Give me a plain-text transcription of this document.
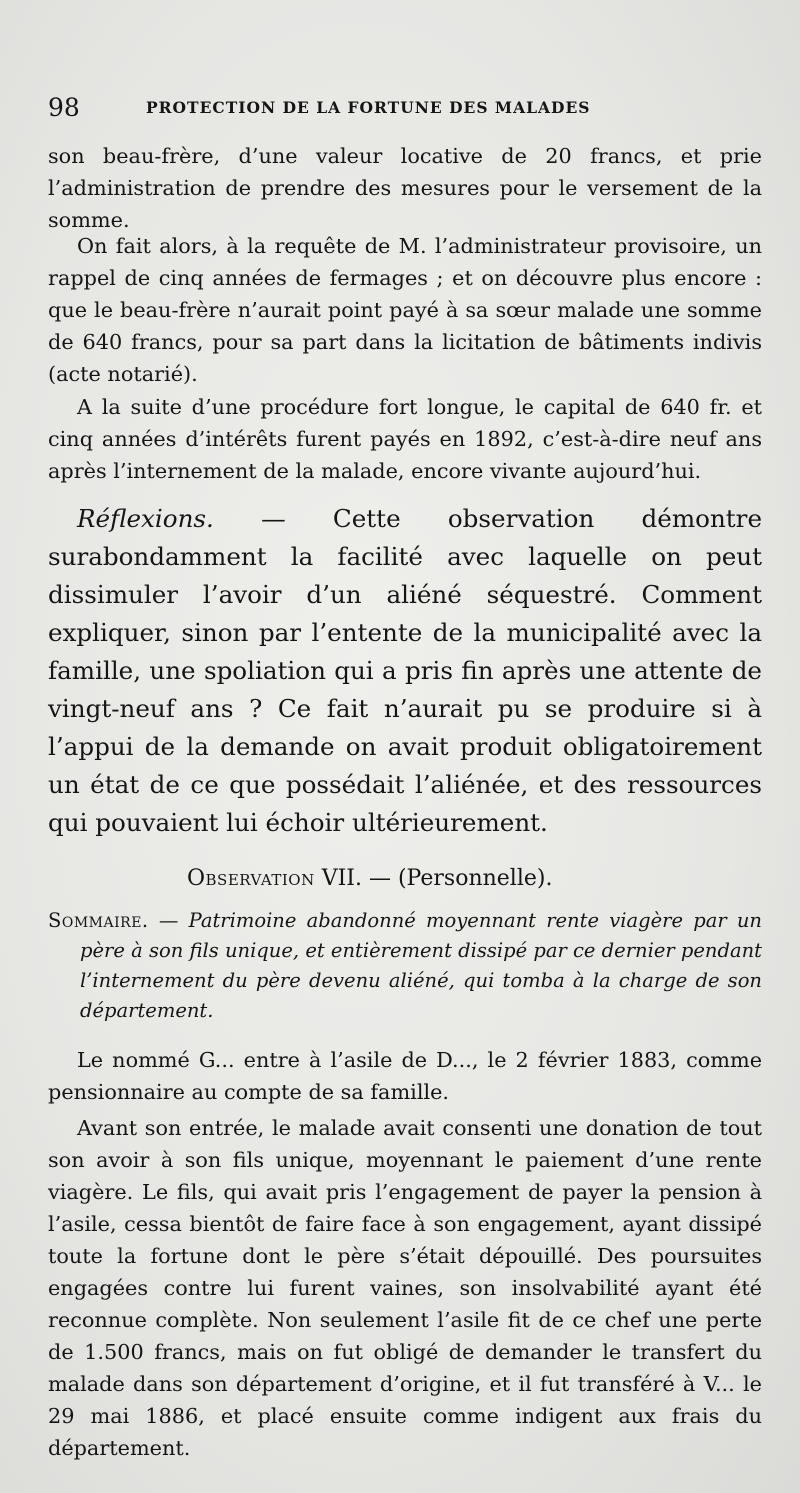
98	PROTECTION DE LA FORTUNE DES MALADES

son beau-frère, d’une valeur locative de 20 francs, et prie l’administration de prendre des mesures pour le versement de la somme.

On fait alors, à la requête de M. l’administrateur provisoire, un rappel de cinq années de fermages ; et on découvre plus encore : que le beau-frère n’aurait point payé à sa sœur malade une somme de 640 francs, pour sa part dans la licitation de bâtiments indivis (acte notarié).

A la suite d’une procédure fort longue, le capital de 640 fr. et cinq années d’intérêts furent payés en 1892, c’est-à-dire neuf ans après l’internement de la malade, encore vivante aujourd’hui.

Réflexions. — Cette observation démontre surabondamment la facilité avec laquelle on peut dissimuler l’avoir d’un aliéné séquestré. Comment expliquer, sinon par l’entente de la municipalité avec la famille, une spoliation qui a pris fin après une attente de vingt-neuf ans ? Ce fait n’aurait pu se produire si à l’appui de la demande on avait produit obligatoirement un état de ce que possédait l’aliénée, et des ressources qui pouvaient lui échoir ultérieurement.

Observation VII. — (Personnelle).

Sommaire. — Patrimoine abandonné moyennant rente viagère par un père à son fils unique, et entièrement dissipé par ce dernier pendant l’internement du père devenu aliéné, qui tomba à la charge de son département.

Le nommé G... entre à l’asile de D..., le 2 février 1883, comme pensionnaire au compte de sa famille.

Avant son entrée, le malade avait consenti une donation de tout son avoir à son fils unique, moyennant le paiement d’une rente viagère. Le fils, qui avait pris l’engagement de payer la pension à l’asile, cessa bientôt de faire face à son engagement, ayant dissipé toute la fortune dont le père s’était dépouillé. Des poursuites engagées contre lui furent vaines, son insolvabilité ayant été reconnue complète. Non seulement l’asile fit de ce chef une perte de 1.500 francs, mais on fut obligé de demander le transfert du malade dans son département d’origine, et il fut transféré à V... le 29 mai 1886, et placé ensuite comme indigent aux frais du département.
